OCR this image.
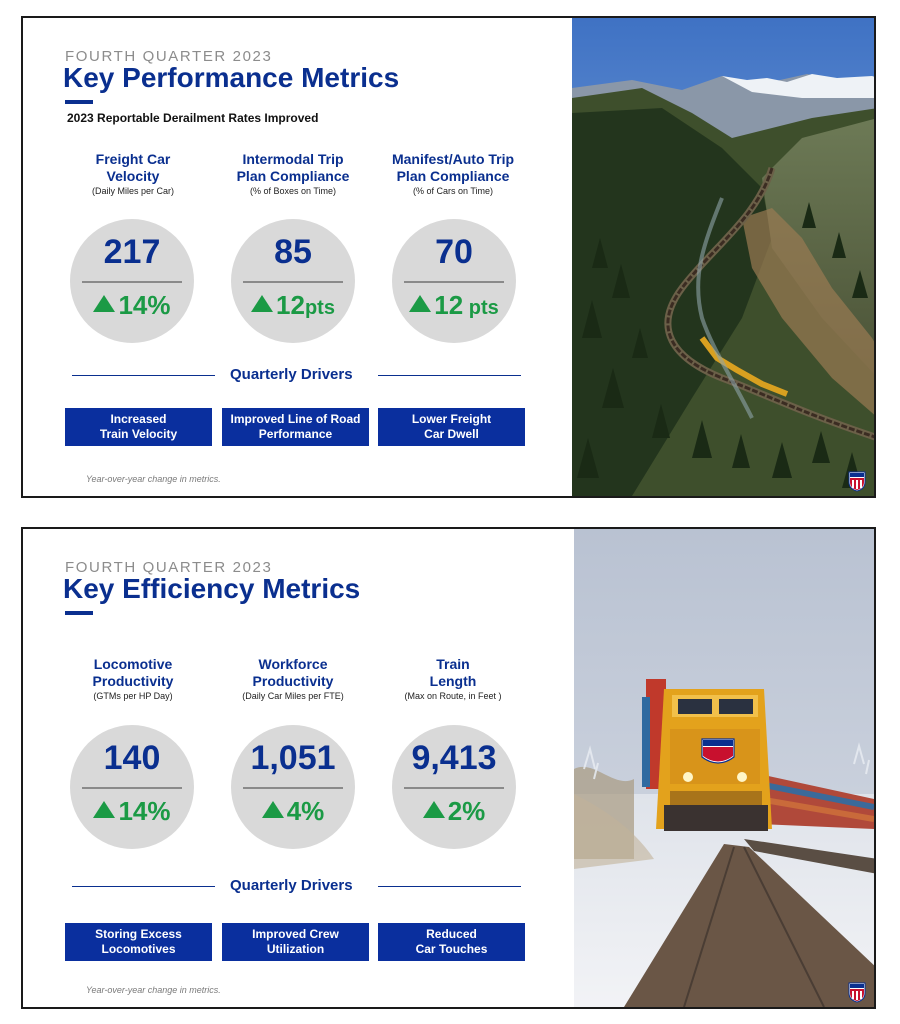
FOURTH QUARTER 2023
Key Performance Metrics
2023 Reportable Derailment Rates Improved
Freight Car
Velocity
(Daily Miles per Car)
Intermodal Trip
Plan Compliance
(% of Boxes on Time)
Manifest/Auto Trip
Plan Compliance
(% of Cars on Time)
217
14%
85
12pts
70
12 pts
Quarterly Drivers
Increased
Train Velocity
Improved Line of Road
Performance
Lower Freight
Car Dwell
Year-over-year change in metrics.
FOURTH QUARTER 2023
Key Efficiency Metrics
Locomotive
Productivity
(GTMs per HP Day)
Workforce
Productivity
(Daily Car Miles per FTE)
Train
Length
(Max on Route, in Feet )
140
14%
1,051
4%
9,413
2%
Quarterly Drivers
Storing Excess
Locomotives
Improved Crew
Utilization
Reduced
Car Touches
Year-over-year change in metrics.
